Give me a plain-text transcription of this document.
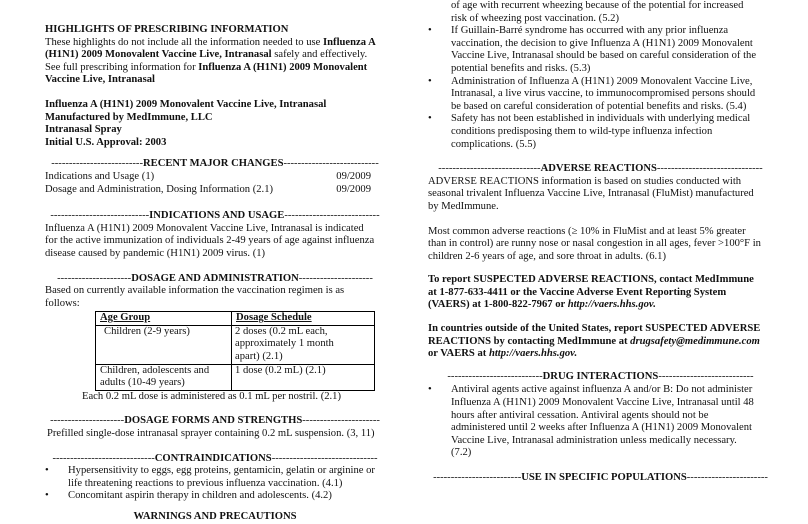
HIGHLIGHTS OF PRESCRIBING INFORMATION

These highlights do not include all the information needed to use Influenza A

(H1N1) 2009 Monovalent Vaccine Live, Intranasal safely and effectively.

See full prescribing information for Influenza A (H1N1) 2009 Monovalent

Vaccine Live, Intranasal

Influenza A (H1N1) 2009 Monovalent Vaccine Live, Intranasal

Manufactured by MedImmune, LLC

Intranasal Spray

Initial U.S. Approval: 2003

--------------------------RECENT MAJOR CHANGES---------------------------

Indications and Usage (1)	09/2009
Dosage and Administration, Dosing Information (2.1)	09/2009

----------------------------INDICATIONS AND USAGE---------------------------

Influenza A (H1N1) 2009 Monovalent Vaccine Live, Intranasal is indicated

for the active immunization of individuals 2-49 years of age against influenza

disease caused by pandemic (H1N1) 2009 virus. (1)

---------------------DOSAGE AND ADMINISTRATION---------------------

Based on currently available information the vaccination regimen is as

follows:

Age Group	Dosage Schedule
Children (2-9 years)	2 doses (0.2 mL each,
approximately 1 month
apart) (2.1)

Children, adolescents and adults (10-49 years)	1 dose (0.2 mL) (2.1)

Each 0.2 mL dose is administered as 0.1 mL per nostril. (2.1)

---------------------DOSAGE FORMS AND STRENGTHS----------------------

Prefilled single-dose intranasal sprayer containing 0.2 mL suspension. (3, 11)

-----------------------------CONTRAINDICATIONS------------------------------

• Hypersensitivity to eggs, egg proteins, gentamicin, gelatin or arginine or
life threatening reactions to previous influenza vaccination. (4.1)
• Concomitant aspirin therapy in children and adolescents. (4.2)

WARNINGS AND PRECAUTIONS

of age with recurrent wheezing because of the potential for increased

risk of wheezing post vaccination. (5.2)

• If Guillain-Barré syndrome has occurred with any prior influenza
vaccination, the decision to give Influenza A (H1N1) 2009 Monovalent
Vaccine Live, Intranasal should be based on careful consideration of the
potential benefits and risks. (5.3)
• Administration of Influenza A (H1N1) 2009 Monovalent Vaccine Live,
Intranasal, a live virus vaccine, to immunocompromised persons should
be based on careful consideration of potential benefits and risks. (5.4)
• Safety has not been established in individuals with underlying medical
conditions predisposing them to wild-type influenza infection
complications. (5.5)

-----------------------------ADVERSE REACTIONS------------------------------

ADVERSE REACTIONS information is based on studies conducted with

seasonal trivalent Influenza Vaccine Live, Intranasal (FluMist) manufactured

by MedImmune.

Most common adverse reactions (≥ 10% in FluMist and at least 5% greater

than in control) are runny nose or nasal congestion in all ages, fever >100°F in

children 2-6 years of age, and sore throat in adults. (6.1)

To report SUSPECTED ADVERSE REACTIONS, contact MedImmune

at 1-877-633-4411 or the Vaccine Adverse Event Reporting System

(VAERS) at 1-800-822-7967 or http://vaers.hhs.gov.

In countries outside of the United States, report SUSPECTED ADVERSE

REACTIONS by contacting MedImmune at drugsafety@medimmune.com

or VAERS at http://vaers.hhs.gov.

---------------------------DRUG INTERACTIONS---------------------------

• Antiviral agents active against influenza A and/or B: Do not administer
Influenza A (H1N1) 2009 Monovalent Vaccine Live, Intranasal until 48
hours after antiviral cessation. Antiviral agents should not be
administered until 2 weeks after Influenza A (H1N1) 2009 Monovalent
Vaccine Live, Intranasal administration unless medically necessary.
(7.2)

-------------------------USE IN SPECIFIC POPULATIONS-----------------------
